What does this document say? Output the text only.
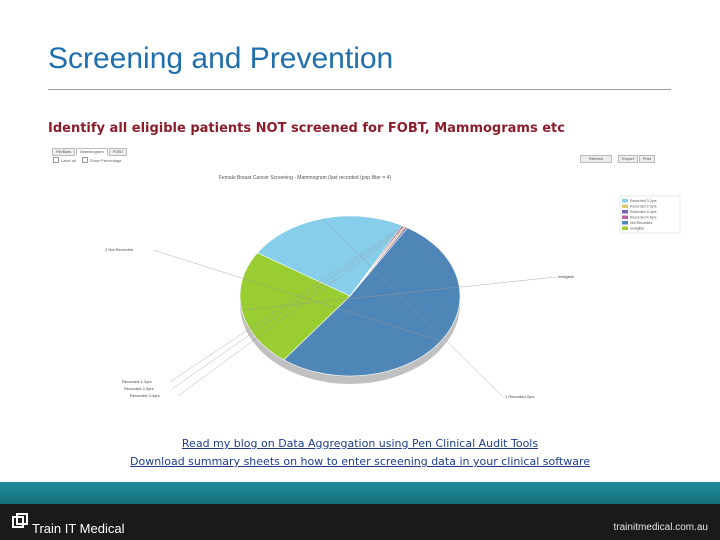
Screening and Prevention
Identify all eligible patients NOT screened for FOBT, Mammograms etc
Pie/Bars	Mammogram	FOBT
Label all	Show Percentage	Refresh	Export	Print
Female Breast Cancer Screening - Mammogram (last recorded (pop filter = 4)
2 Not Recorded
Ineligible
1 Recorded 2yrs
Recorded 1-2yrs
Recorded 2-3yrs
Recorded 3-4yrs
Recorded 0-2yrs
Recorded 2-3yrs
Recorded 3-4yrs
Recorded 4-5yrs
Not Recorded
Ineligible
Read my blog on Data Aggregation using Pen Clinical Audit Tools
Download summary sheets on how to enter screening data in your clinical software
Train IT Medical	trainitmedical.com.au
